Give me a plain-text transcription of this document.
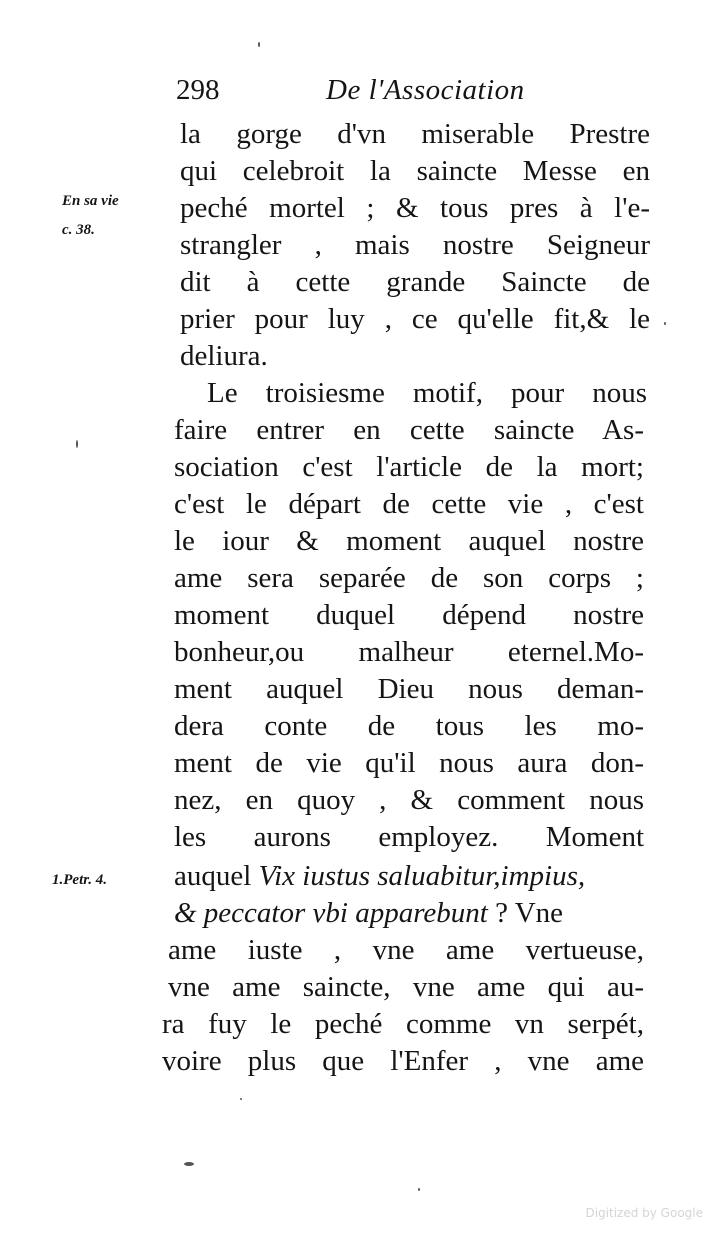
298	De l'Association
En sa vie
c. 38.
1.Petr. 4.
la gorge d'vn miserable Prestre
qui celebroit la saincte Messe en
peché mortel ; & tous pres à l'e-
strangler , mais nostre Seigneur
dit à cette grande Saincte de
prier pour luy , ce qu'elle fit,& le
deliura.
Le troisiesme motif, pour nous
faire entrer en cette saincte As-
sociation c'est l'article de la mort;
c'est le départ de cette vie , c'est
le iour & moment auquel nostre
ame sera separée de son corps ;
moment duquel dépend nostre
bonheur,ou malheur eternel.Mo-
ment auquel Dieu nous deman-
dera conte de tous les mo-
ment de vie qu'il nous aura don-
nez, en quoy , & comment nous
les aurons employez. Moment
auquel Vix iustus saluabitur,impius,
& peccator vbi apparebunt ? Vne
ame iuste , vne ame vertueuse,
vne ame saincte, vne ame qui au-
ra fuy le peché comme vn serpét,
voire plus que l'Enfer , vne ame
Digitized by Google
